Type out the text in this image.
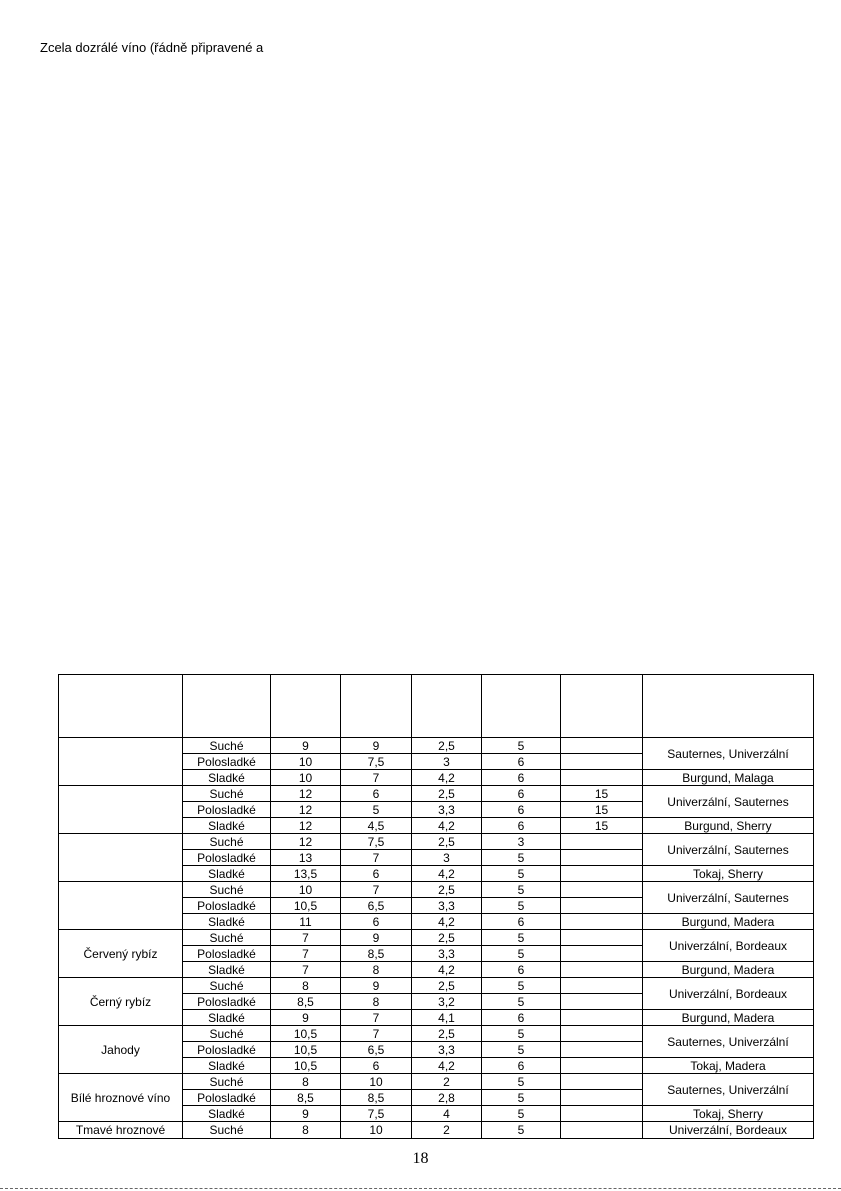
Zcela dozrálé víno (řádně připravené a

	Suché	9	9	2,5	5		Sauternes, Univerzální
	Polosladké	10	7,5	3	6		
	Sladké	10	7	4,2	6		Burgund, Malaga
	Suché	12	6	2,5	6	15	Univerzální, Sauternes
	Polosladké	12	5	3,3	6	15	
	Sladké	12	4,5	4,2	6	15	Burgund, Sherry
	Suché	12	7,5	2,5	3		Univerzální, Sauternes
	Polosladké	13	7	3	5		
	Sladké	13,5	6	4,2	5		Tokaj, Sherry
	Suché	10	7	2,5	5		Univerzální, Sauternes
	Polosladké	10,5	6,5	3,3	5		
	Sladké	11	6	4,2	6		Burgund, Madera
Červený rybíz	Suché	7	9	2,5	5		Univerzální, Bordeaux
	Polosladké	7	8,5	3,3	5		
	Sladké	7	8	4,2	6		Burgund, Madera
Černý rybíz	Suché	8	9	2,5	5		Univerzální, Bordeaux
	Polosladké	8,5	8	3,2	5		
	Sladké	9	7	4,1	6		Burgund, Madera
Jahody	Suché	10,5	7	2,5	5		Sauternes, Univerzální
	Polosladké	10,5	6,5	3,3	5		
	Sladké	10,5	6	4,2	6		Tokaj, Madera
Bílé hroznové víno	Suché	8	10	2	5		Sauternes, Univerzální
	Polosladké	8,5	8,5	2,8	5		
	Sladké	9	7,5	4	5		Tokaj, Sherry
Tmavé hroznové	Suché	8	10	2	5		Univerzální, Bordeaux
18
